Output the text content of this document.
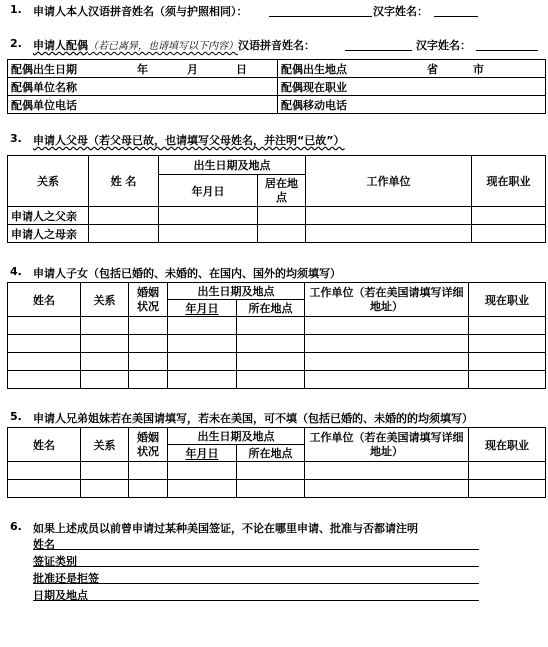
1. 申请人本人汉语拼音姓名（须与护照相同）：	汉字姓名：
2. 申请人配偶（若已离异，也请填写以下内容）汉语拼音姓名：	汉字姓名：
配偶出生日期 年 月 日	配偶出生地点 省 市

配偶单位名称	配偶现在职业
配偶单位电话	配偶移动电话
3. 申请人父母（若父母已故，也请填写父母姓名，并注明“已故”）
关系	姓 名	出生日期及地点		工作单位	现在职业
		年月日	居在地点		
申请人之父亲					
申请人之母亲					
4. 申请人子女（包括已婚的、未婚的、在国内、国外的均须填写）
姓名	关系	婚姻状况	出生日期及地点		工作单位（若在美国请填写详细地址）	现在职业
			年月日	所在地点		

5. 申请人兄弟姐妹若在美国请填写，若未在美国，可不填（包括已婚的、未婚的的均须填写）
姓名	关系	婚姻状况	出生日期及地点		工作单位（若在美国请填写详细地址）	现在职业
			年月日	所在地点		

6. 如果上述成员以前曾申请过某种美国签证，不论在哪里申请、批准与否都请注明
姓名
签证类别
批准还是拒签
日期及地点
